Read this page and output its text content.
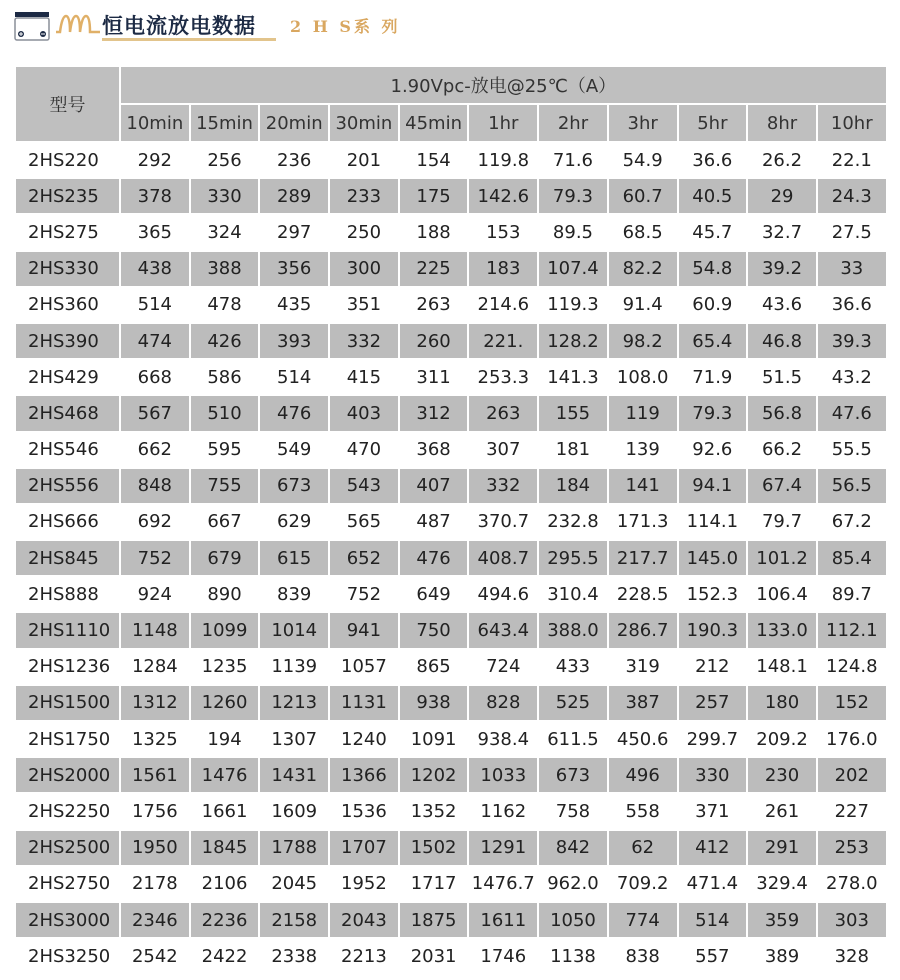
恒电流放电数据 2 H S系 列
型号	1.90Vpc-放电@25℃（A）										
	10min	15min	20min	30min	45min	1hr	2hr	3hr	5hr	8hr	10hr
2HS220	292	256	236	201	154	119.8	71.6	54.9	36.6	26.2	22.1
2HS235	378	330	289	233	175	142.6	79.3	60.7	40.5	29	24.3
2HS275	365	324	297	250	188	153	89.5	68.5	45.7	32.7	27.5
2HS330	438	388	356	300	225	183	107.4	82.2	54.8	39.2	33
2HS360	514	478	435	351	263	214.6	119.3	91.4	60.9	43.6	36.6
2HS390	474	426	393	332	260	221.	128.2	98.2	65.4	46.8	39.3
2HS429	668	586	514	415	311	253.3	141.3	108.0	71.9	51.5	43.2
2HS468	567	510	476	403	312	263	155	119	79.3	56.8	47.6
2HS546	662	595	549	470	368	307	181	139	92.6	66.2	55.5
2HS556	848	755	673	543	407	332	184	141	94.1	67.4	56.5
2HS666	692	667	629	565	487	370.7	232.8	171.3	114.1	79.7	67.2
2HS845	752	679	615	652	476	408.7	295.5	217.7	145.0	101.2	85.4
2HS888	924	890	839	752	649	494.6	310.4	228.5	152.3	106.4	89.7
2HS1110	1148	1099	1014	941	750	643.4	388.0	286.7	190.3	133.0	112.1
2HS1236	1284	1235	1139	1057	865	724	433	319	212	148.1	124.8
2HS1500	1312	1260	1213	1131	938	828	525	387	257	180	152
2HS1750	1325	194	1307	1240	1091	938.4	611.5	450.6	299.7	209.2	176.0
2HS2000	1561	1476	1431	1366	1202	1033	673	496	330	230	202
2HS2250	1756	1661	1609	1536	1352	1162	758	558	371	261	227
2HS2500	1950	1845	1788	1707	1502	1291	842	62	412	291	253
2HS2750	2178	2106	2045	1952	1717	1476.7	962.0	709.2	471.4	329.4	278.0
2HS3000	2346	2236	2158	2043	1875	1611	1050	774	514	359	303
2HS3250	2542	2422	2338	2213	2031	1746	1138	838	557	389	328
